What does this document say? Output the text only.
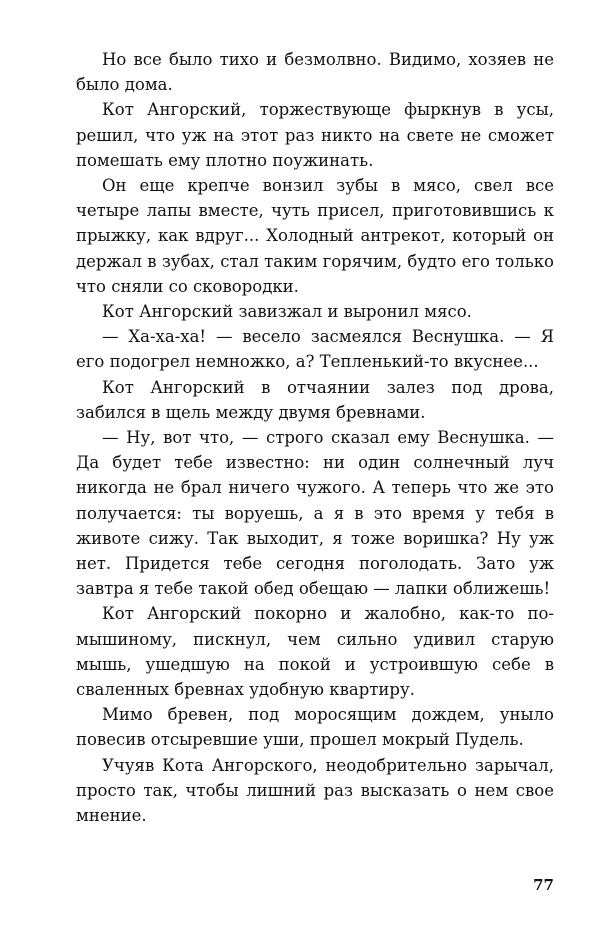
Но все было тихо и безмолвно. Видимо, хозяев не было дома.

Кот Ангорский, торжествующе фыркнув в усы, решил, что уж на этот раз никто на свете не сможет помешать ему плотно поужинать.

Он еще крепче вонзил зубы в мясо, свел все четыре лапы вместе, чуть присел, приготовившись к прыжку, как вдруг... Холодный антрекот, который он держал в зубах, стал таким горячим, будто его только что сняли со сковородки.

Кот Ангорский завизжал и выронил мясо.

— Ха-ха-ха! — весело засмеялся Веснушка. — Я его подогрел немножко, а? Тепленький-то вкуснее...

Кот Ангорский в отчаянии залез под дрова, забился в щель между двумя бревнами.

— Ну, вот что, — строго сказал ему Веснушка. — Да будет тебе известно: ни один солнечный луч никогда не брал ничего чужого. А теперь что же это получается: ты воруешь, а я в это время у тебя в животе сижу. Так выходит, я тоже воришка? Ну уж нет. Придется тебе сегодня поголодать. Зато уж завтра я тебе такой обед обещаю — лапки оближешь!

Кот Ангорский покорно и жалобно, как-то по-мышиному, пискнул, чем сильно удивил старую мышь, ушедшую на покой и устроившую себе в сваленных бревнах удобную квартиру.

Мимо бревен, под моросящим дождем, уныло повесив отсыревшие уши, прошел мокрый Пудель.

Учуяв Кота Ангорского, неодобрительно зарычал, просто так, чтобы лишний раз высказать о нем свое мнение.

77
